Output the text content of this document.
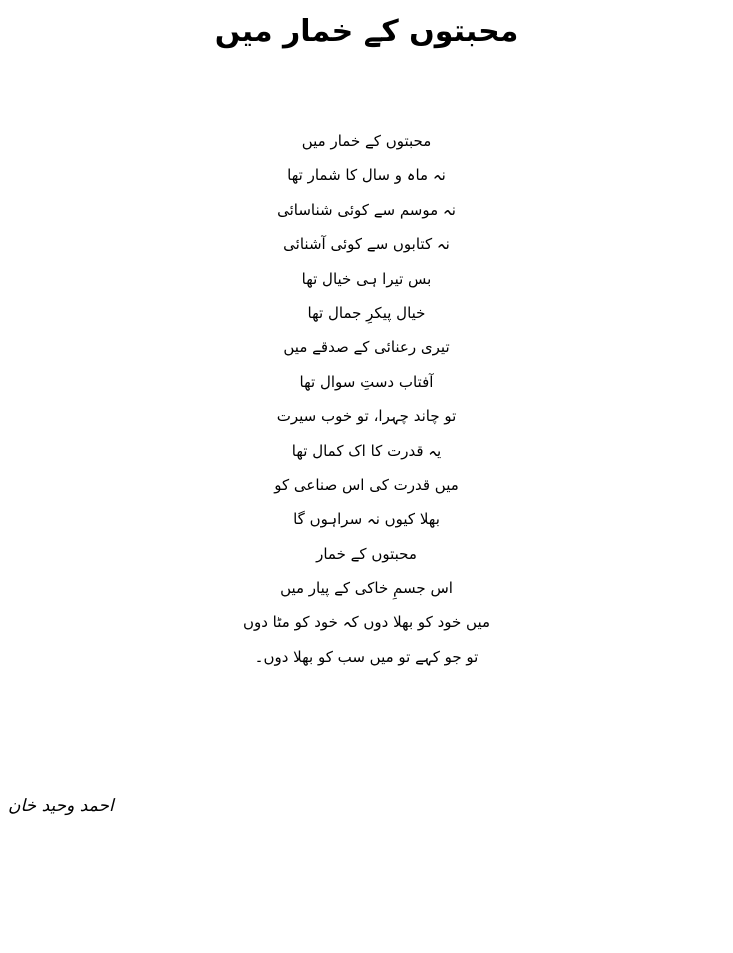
محبتوں کے خمار میں
محبتوں کے خمار میں
نہ ماہ و سال کا شمار تھا
نہ موسم سے کوئی شناسائی
نہ کتابوں سے کوئی آشنائی
بس تیرا ہی خیال تھا
خیال پیکرِ جمال تھا
تیری رعنائی کے صدقے میں
آفتاب دستِ سوال تھا
تو چاند چہرا، تو خوب سیرت
یہ قدرت کا اک کمال تھا
میں قدرت کی اس صناعی کو
بھلا کیوں نہ سراہوں گا
محبتوں کے خمار
اس جسمِ خاکی کے پیار میں
میں خود کو بھلا دوں کہ خود کو مٹا دوں
تو جو کہے تو میں سب کو بھلا دوں۔
احمد وحید خان
